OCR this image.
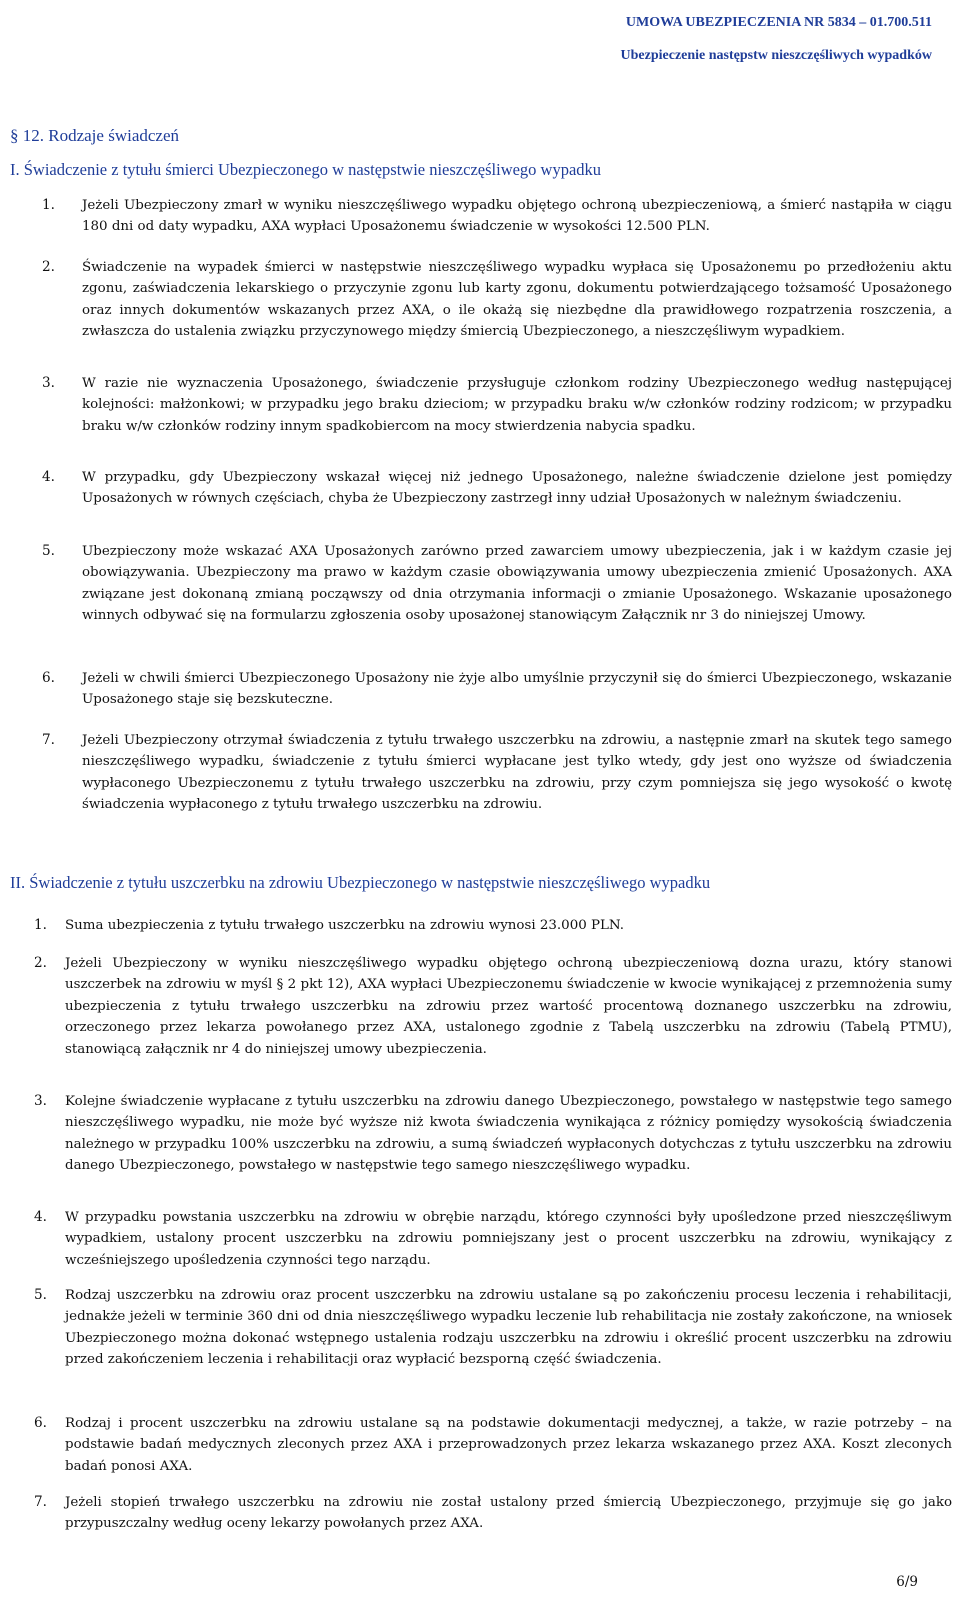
UMOWA UBEZPIECZENIA NR 5834 – 01.700.511
Ubezpieczenie następstw nieszczęśliwych wypadków
§ 12. Rodzaje świadczeń
I. Świadczenie z tytułu śmierci Ubezpieczonego w następstwie nieszczęśliwego wypadku
1.	Jeżeli Ubezpieczony zmarł w wyniku nieszczęśliwego wypadku objętego ochroną ubezpieczeniową, a śmierć nastąpiła w ciągu 180 dni od daty wypadku, AXA wypłaci Uposażonemu świadczenie w wysokości 12.500 PLN.
2.	Świadczenie na wypadek śmierci w następstwie nieszczęśliwego wypadku wypłaca się Uposażonemu po przedłożeniu aktu zgonu, zaświadczenia lekarskiego o przyczynie zgonu lub karty zgonu, dokumentu potwierdzającego tożsamość Uposażonego oraz innych dokumentów wskazanych przez AXA, o ile okażą się niezbędne dla prawidłowego rozpatrzenia roszczenia, a zwłaszcza do ustalenia związku przyczynowego między śmiercią Ubezpieczonego, a nieszczęśliwym wypadkiem.
3.	W razie nie wyznaczenia Uposażonego, świadczenie przysługuje członkom rodziny Ubezpieczonego według następującej kolejności: małżonkowi; w przypadku jego braku dzieciom; w przypadku braku w/w członków rodziny rodzicom; w przypadku braku w/w członków rodziny innym spadkobiercom na mocy stwierdzenia nabycia spadku.
4.	W przypadku, gdy Ubezpieczony wskazał więcej niż jednego Uposażonego, należne świadczenie dzielone jest pomiędzy Uposażonych w równych częściach, chyba że Ubezpieczony zastrzegł inny udział Uposażonych w należnym świadczeniu.
5.	Ubezpieczony może wskazać AXA Uposażonych zarówno przed zawarciem umowy ubezpieczenia, jak i w każdym czasie jej obowiązywania. Ubezpieczony ma prawo w każdym czasie obowiązywania umowy ubezpieczenia zmienić Uposażonych. AXA związane jest dokonaną zmianą począwszy od dnia otrzymania informacji o zmianie Uposażonego. Wskazanie uposażonego winnych odbywać się na formularzu zgłoszenia osoby uposażonej stanowiącym Załącznik nr 3 do niniejszej Umowy.
6.	Jeżeli w chwili śmierci Ubezpieczonego Uposażony nie żyje albo umyślnie przyczynił się do śmierci Ubezpieczonego, wskazanie Uposażonego staje się bezskuteczne.
7.	Jeżeli Ubezpieczony otrzymał świadczenia z tytułu trwałego uszczerbku na zdrowiu, a następnie zmarł na skutek tego samego nieszczęśliwego wypadku, świadczenie z tytułu śmierci wypłacane jest tylko wtedy, gdy jest ono wyższe od świadczenia wypłaconego Ubezpieczonemu z tytułu trwałego uszczerbku na zdrowiu, przy czym pomniejsza się jego wysokość o kwotę świadczenia wypłaconego z tytułu trwałego uszczerbku na zdrowiu.
II. Świadczenie z tytułu uszczerbku na zdrowiu Ubezpieczonego w następstwie nieszczęśliwego wypadku
1.	Suma ubezpieczenia z tytułu trwałego uszczerbku na zdrowiu wynosi 23.000 PLN.
2.	Jeżeli Ubezpieczony w wyniku nieszczęśliwego wypadku objętego ochroną ubezpieczeniową dozna urazu, który stanowi uszczerbek na zdrowiu w myśl § 2 pkt 12), AXA wypłaci Ubezpieczonemu świadczenie w kwocie wynikającej z przemnożenia sumy ubezpieczenia z tytułu trwałego uszczerbku na zdrowiu przez wartość procentową doznanego uszczerbku na zdrowiu, orzeczonego przez lekarza powołanego przez AXA, ustalonego zgodnie z Tabelą uszczerbku na zdrowiu (Tabelą PTMU), stanowiącą załącznik nr 4 do niniejszej umowy ubezpieczenia.
3.	Kolejne świadczenie wypłacane z tytułu uszczerbku na zdrowiu danego Ubezpieczonego, powstałego w następstwie tego samego nieszczęśliwego wypadku, nie może być wyższe niż kwota świadczenia wynikająca z różnicy pomiędzy wysokością świadczenia należnego w przypadku 100% uszczerbku na zdrowiu, a sumą świadczeń wypłaconych dotychczas z tytułu uszczerbku na zdrowiu danego Ubezpieczonego, powstałego w następstwie tego samego nieszczęśliwego wypadku.
4.	W przypadku powstania uszczerbku na zdrowiu w obrębie narządu, którego czynności były upośledzone przed nieszczęśliwym wypadkiem, ustalony procent uszczerbku na zdrowiu pomniejszany jest o procent uszczerbku na zdrowiu, wynikający z wcześniejszego upośledzenia czynności tego narządu.
5.	Rodzaj uszczerbku na zdrowiu oraz procent uszczerbku na zdrowiu ustalane są po zakończeniu procesu leczenia i rehabilitacji, jednakże jeżeli w terminie 360 dni od dnia nieszczęśliwego wypadku leczenie lub rehabilitacja nie zostały zakończone, na wniosek Ubezpieczonego można dokonać wstępnego ustalenia rodzaju uszczerbku na zdrowiu i określić procent uszczerbku na zdrowiu przed zakończeniem leczenia i rehabilitacji oraz wypłacić bezsporną część świadczenia.
6.	Rodzaj i procent uszczerbku na zdrowiu ustalane są na podstawie dokumentacji medycznej, a także, w razie potrzeby – na podstawie badań medycznych zleconych przez AXA i przeprowadzonych przez lekarza wskazanego przez AXA. Koszt zleconych badań ponosi AXA.
7.	Jeżeli stopień trwałego uszczerbku na zdrowiu nie został ustalony przed śmiercią Ubezpieczonego, przyjmuje się go jako przypuszczalny według oceny lekarzy powołanych przez AXA.
6/9
